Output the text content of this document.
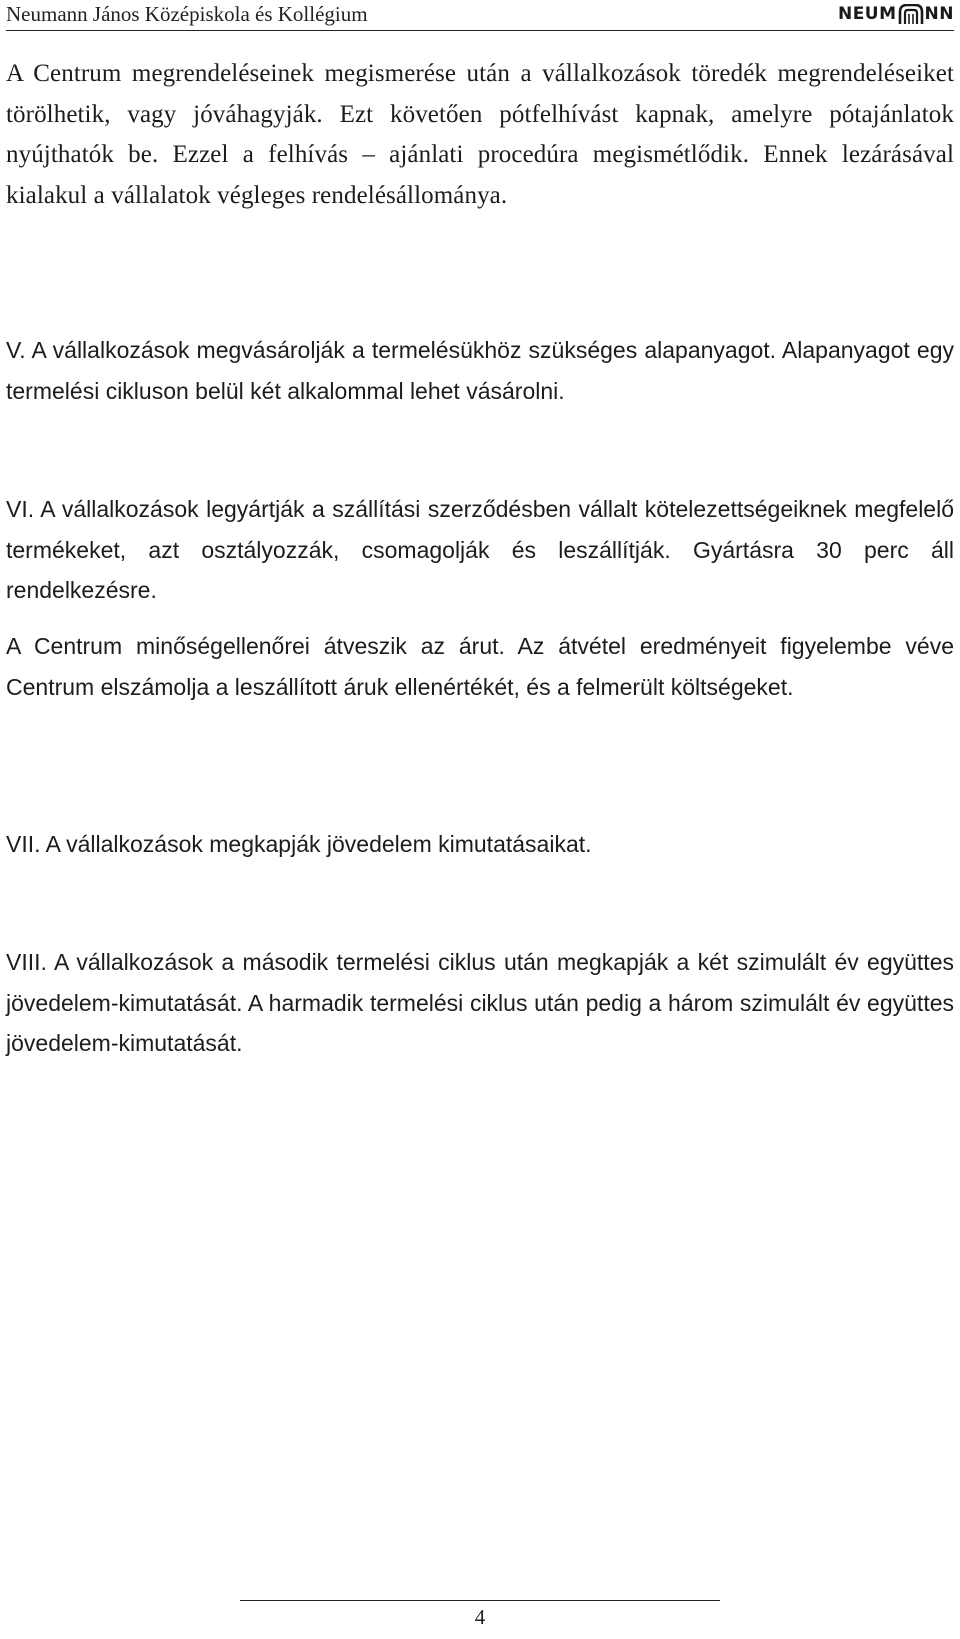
Neumann János Középiskola és Kollégium	NEUM NN

A Centrum megrendeléseinek megismerése után a vállalkozások töredék megrendeléseiket törölhetik, vagy jóváhagyják. Ezt követően pótfelhívást kapnak, amelyre pótajánlatok nyújthatók be. Ezzel a felhívás – ajánlati procedúra megismétlődik. Ennek lezárásával kialakul a vállalatok végleges rendelésállománya.

V. A vállalkozások megvásárolják a termelésükhöz szükséges alapanyagot. Alapanyagot egy termelési cikluson belül két alkalommal lehet vásárolni.

VI. A vállalkozások legyártják a szállítási szerződésben vállalt kötelezettségeiknek megfelelő termékeket, azt osztályozzák, csomagolják és leszállítják. Gyártásra 30 perc áll rendelkezésre.

A Centrum minőségellenőrei átveszik az árut. Az átvétel eredményeit figyelembe véve Centrum elszámolja a leszállított áruk ellenértékét, és a felmerült költségeket.

VII. A vállalkozások megkapják jövedelem kimutatásaikat.

VIII. A vállalkozások a második termelési ciklus után megkapják a két szimulált év együttes jövedelem-kimutatását. A harmadik termelési ciklus után pedig a három szimulált év együttes jövedelem-kimutatását.

4
